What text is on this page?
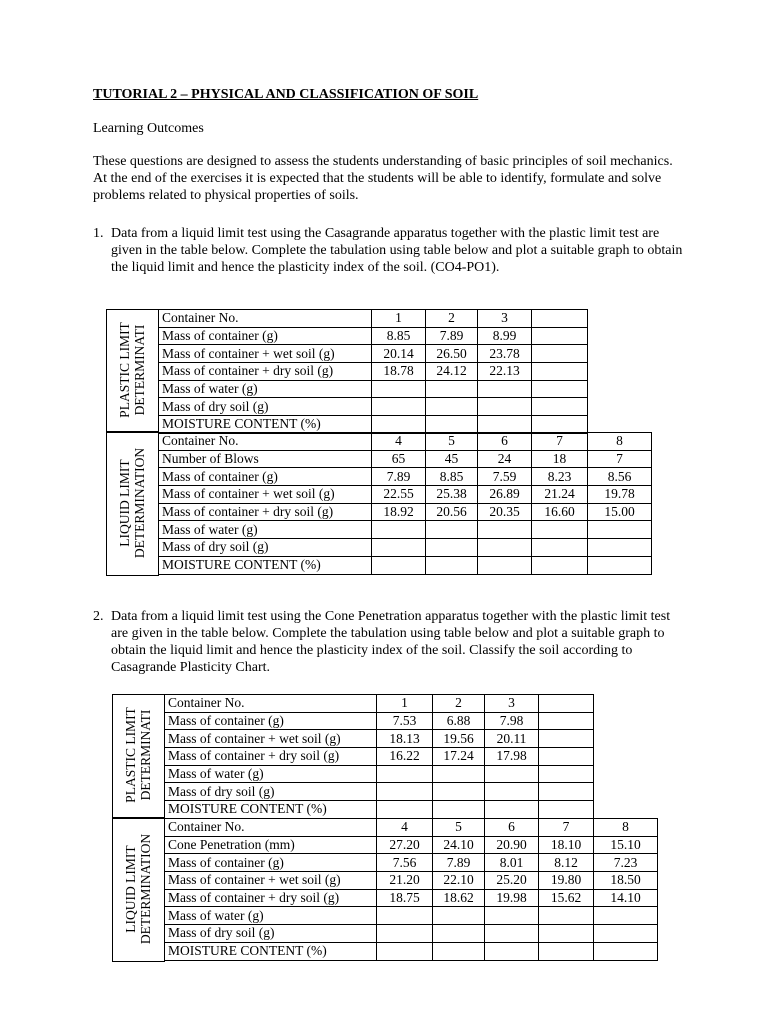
TUTORIAL 2 – PHYSICAL AND CLASSIFICATION OF SOIL

Learning Outcomes

These questions are designed to assess the students understanding of basic principles of soil mechanics. At the end of the exercises it is expected that the students will be able to identify, formulate and solve problems related to physical properties of soils.

1. Data from a liquid limit test using the Casagrande apparatus together with the plastic limit test are given in the table below. Complete the tabulation using table below and plot a suitable graph to obtain the liquid limit and hence the plasticity index of the soil. (CO4-PO1).
PLASTIC LIMIT DETERMINATI
LIQUID LIMIT DETERMINATION
Container No.	1	2	3	
Mass of container (g)	8.85	7.89	8.99	
Mass of container + wet soil (g)	20.14	26.50	23.78	
Mass of container + dry soil (g)	18.78	24.12	22.13	
Mass of water (g)				
Mass of dry soil (g)				
MOISTURE CONTENT (%)				
Container No.	4	5	6	7	8
Number of Blows	65	45	24	18	7
Mass of container (g)	7.89	8.85	7.59	8.23	8.56
Mass of container + wet soil (g)	22.55	25.38	26.89	21.24	19.78
Mass of container + dry soil (g)	18.92	20.56	20.35	16.60	15.00
Mass of water (g)					
Mass of dry soil (g)					
MOISTURE CONTENT (%)					
2. Data from a liquid limit test using the Cone Penetration apparatus together with the plastic limit test are given in the table below. Complete the tabulation using table below and plot a suitable graph to obtain the liquid limit and hence the plasticity index of the soil. Classify the soil according to Casagrande Plasticity Chart.
PLASTIC LIMIT DETERMINATI
LIQUID LIMIT DETERMINATION
Container No.	1	2	3	
Mass of container (g)	7.53	6.88	7.98	
Mass of container + wet soil (g)	18.13	19.56	20.11	
Mass of container + dry soil (g)	16.22	17.24	17.98	
Mass of water (g)				
Mass of dry soil (g)				
MOISTURE CONTENT (%)				
Container No.	4	5	6	7	8
Cone Penetration (mm)	27.20	24.10	20.90	18.10	15.10
Mass of container (g)	7.56	7.89	8.01	8.12	7.23
Mass of container + wet soil (g)	21.20	22.10	25.20	19.80	18.50
Mass of container + dry soil (g)	18.75	18.62	19.98	15.62	14.10
Mass of water (g)					
Mass of dry soil (g)					
MOISTURE CONTENT (%)					
